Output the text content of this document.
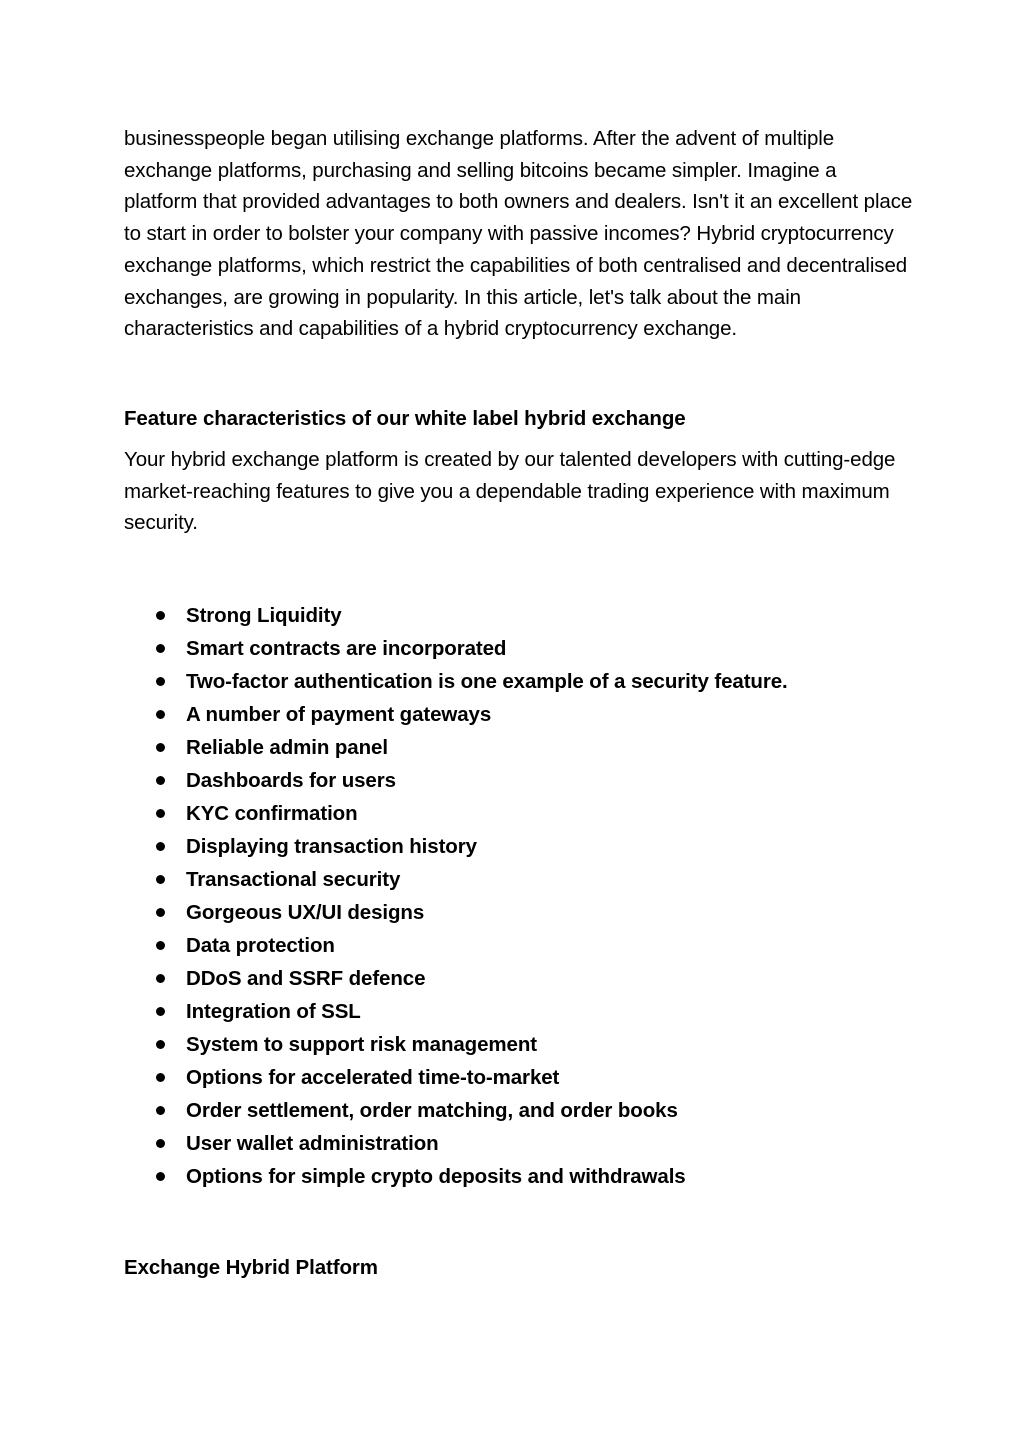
businesspeople began utilising exchange platforms. After the advent of multiple exchange platforms, purchasing and selling bitcoins became simpler. Imagine a platform that provided advantages to both owners and dealers. Isn't it an excellent place to start in order to bolster your company with passive incomes? Hybrid cryptocurrency exchange platforms, which restrict the capabilities of both centralised and decentralised exchanges, are growing in popularity. In this article, let's talk about the main characteristics and capabilities of a hybrid cryptocurrency exchange.

Feature characteristics of our white label hybrid exchange

Your hybrid exchange platform is created by our talented developers with cutting-edge market-reaching features to give you a dependable trading experience with maximum security.

Strong Liquidity
Smart contracts are incorporated
Two-factor authentication is one example of a security feature.
A number of payment gateways
Reliable admin panel
Dashboards for users
KYC confirmation
Displaying transaction history
Transactional security
Gorgeous UX/UI designs
Data protection
DDoS and SSRF defence
Integration of SSL
System to support risk management
Options for accelerated time-to-market
Order settlement, order matching, and order books
User wallet administration
Options for simple crypto deposits and withdrawals
Exchange Hybrid Platform
